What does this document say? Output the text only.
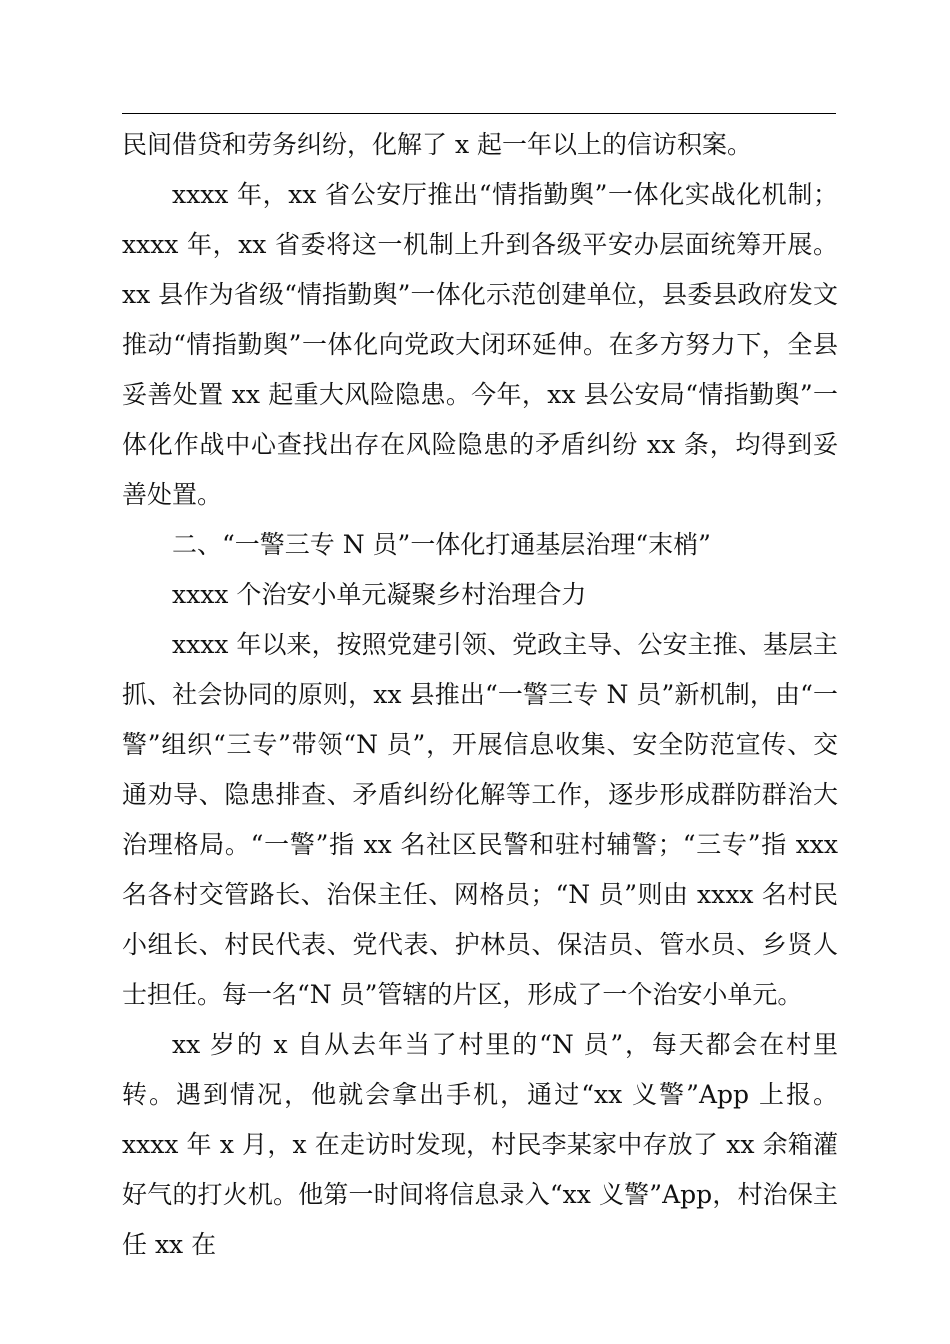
民间借贷和劳务纠纷，化解了 x 起一年以上的信访积案。

xxxx 年，xx 省公安厅推出“情指勤舆”一体化实战化机制；xxxx 年，xx 省委将这一机制上升到各级平安办层面统筹开展。xx 县作为省级“情指勤舆”一体化示范创建单位，县委县政府发文推动“情指勤舆”一体化向党政大闭环延伸。在多方努力下，全县妥善处置 xx 起重大风险隐患。今年，xx 县公安局“情指勤舆”一体化作战中心查找出存在风险隐患的矛盾纠纷 xx 条，均得到妥善处置。

二、“一警三专 N 员”一体化打通基层治理“末梢”

xxxx 个治安小单元凝聚乡村治理合力

xxxx 年以来，按照党建引领、党政主导、公安主推、基层主抓、社会协同的原则，xx 县推出“一警三专 N 员”新机制，由“一警”组织“三专”带领“N 员”，开展信息收集、安全防范宣传、交通劝导、隐患排查、矛盾纠纷化解等工作，逐步形成群防群治大治理格局。“一警”指 xx 名社区民警和驻村辅警；“三专”指 xxx 名各村交管路长、治保主任、网格员；“N 员”则由 xxxx 名村民小组长、村民代表、党代表、护林员、保洁员、管水员、乡贤人士担任。每一名“N 员”管辖的片区，形成了一个治安小单元。

xx 岁的 x 自从去年当了村里的“N 员”，每天都会在村里转。遇到情况，他就会拿出手机，通过“xx 义警”App 上报。xxxx 年 x 月，x 在走访时发现，村民李某家中存放了 xx 余箱灌好气的打火机。他第一时间将信息录入“xx 义警”App，村治保主任 xx 在
